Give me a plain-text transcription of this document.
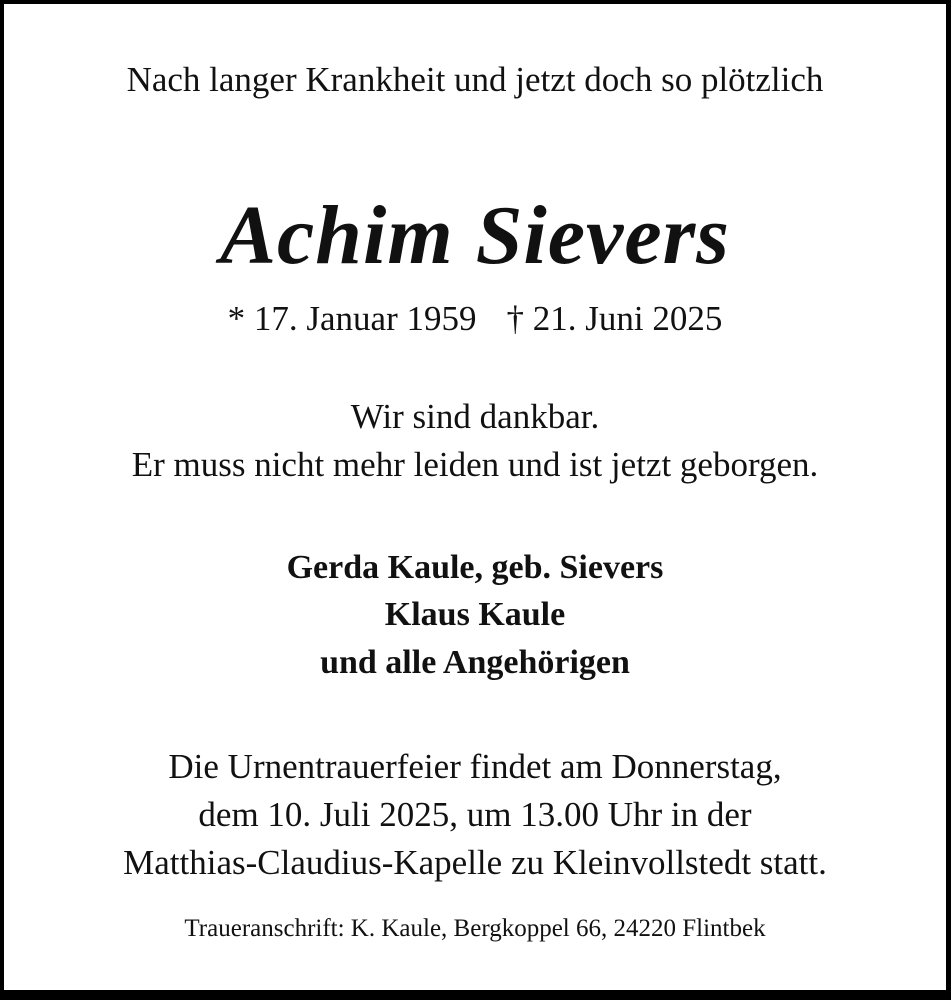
Nach langer Krankheit und jetzt doch so plötzlich
Achim Sievers
* 17. Januar 1959 † 21. Juni 2025
Wir sind dankbar.
Er muss nicht mehr leiden und ist jetzt geborgen.
Gerda Kaule, geb. Sievers
Klaus Kaule
und alle Angehörigen
Die Urnentrauerfeier findet am Donnerstag,
dem 10. Juli 2025, um 13.00 Uhr in der
Matthias-Claudius-Kapelle zu Kleinvollstedt statt.
Traueranschrift: K. Kaule, Bergkoppel 66, 24220 Flintbek
